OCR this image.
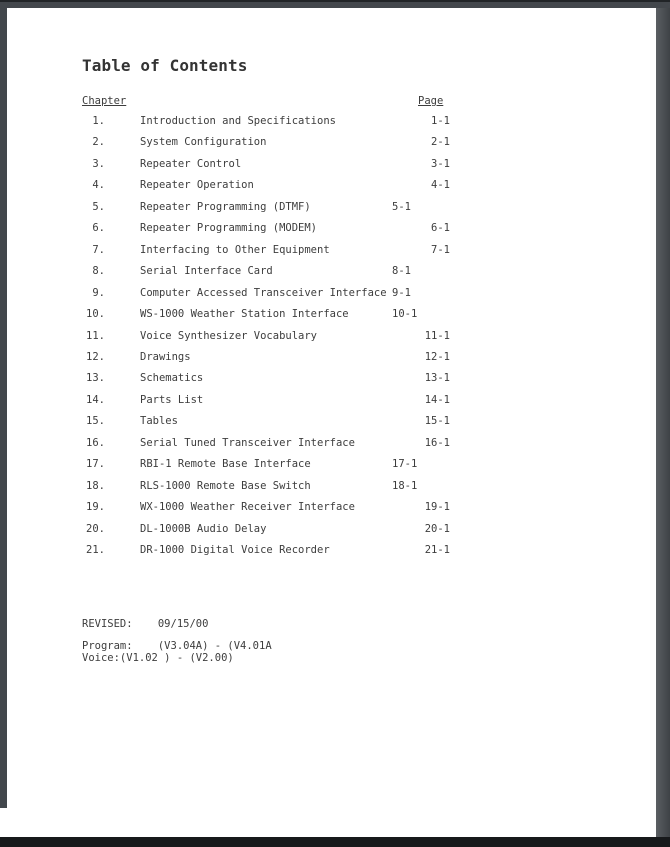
Table of Contents
Chapter	Page
1.	Introduction and Specifications	1-1
2.	System Configuration	2-1
3.	Repeater Control	3-1
4.	Repeater Operation	4-1
5.	Repeater Programming (DTMF)	5-1
6.	Repeater Programming (MODEM)	6-1
7.	Interfacing to Other Equipment	7-1
8.	Serial Interface Card	8-1
9.	Computer Accessed Transceiver Interface 9-1
10.	WS-1000 Weather Station Interface	10-1
11.	Voice Synthesizer Vocabulary	11-1
12.	Drawings	12-1
13.	Schematics	13-1
14.	Parts List	14-1
15.	Tables	15-1
16.	Serial Tuned Transceiver Interface	16-1
17.	RBI-1 Remote Base Interface	17-1
18.	RLS-1000 Remote Base Switch	18-1
19.	WX-1000 Weather Receiver Interface	19-1
20.	DL-1000B Audio Delay	20-1
21.	DR-1000 Digital Voice Recorder	21-1
REVISED:    09/15/00
Program:    (V3.04A) - (V4.01A
Voice:(V1.02 ) - (V2.00)
